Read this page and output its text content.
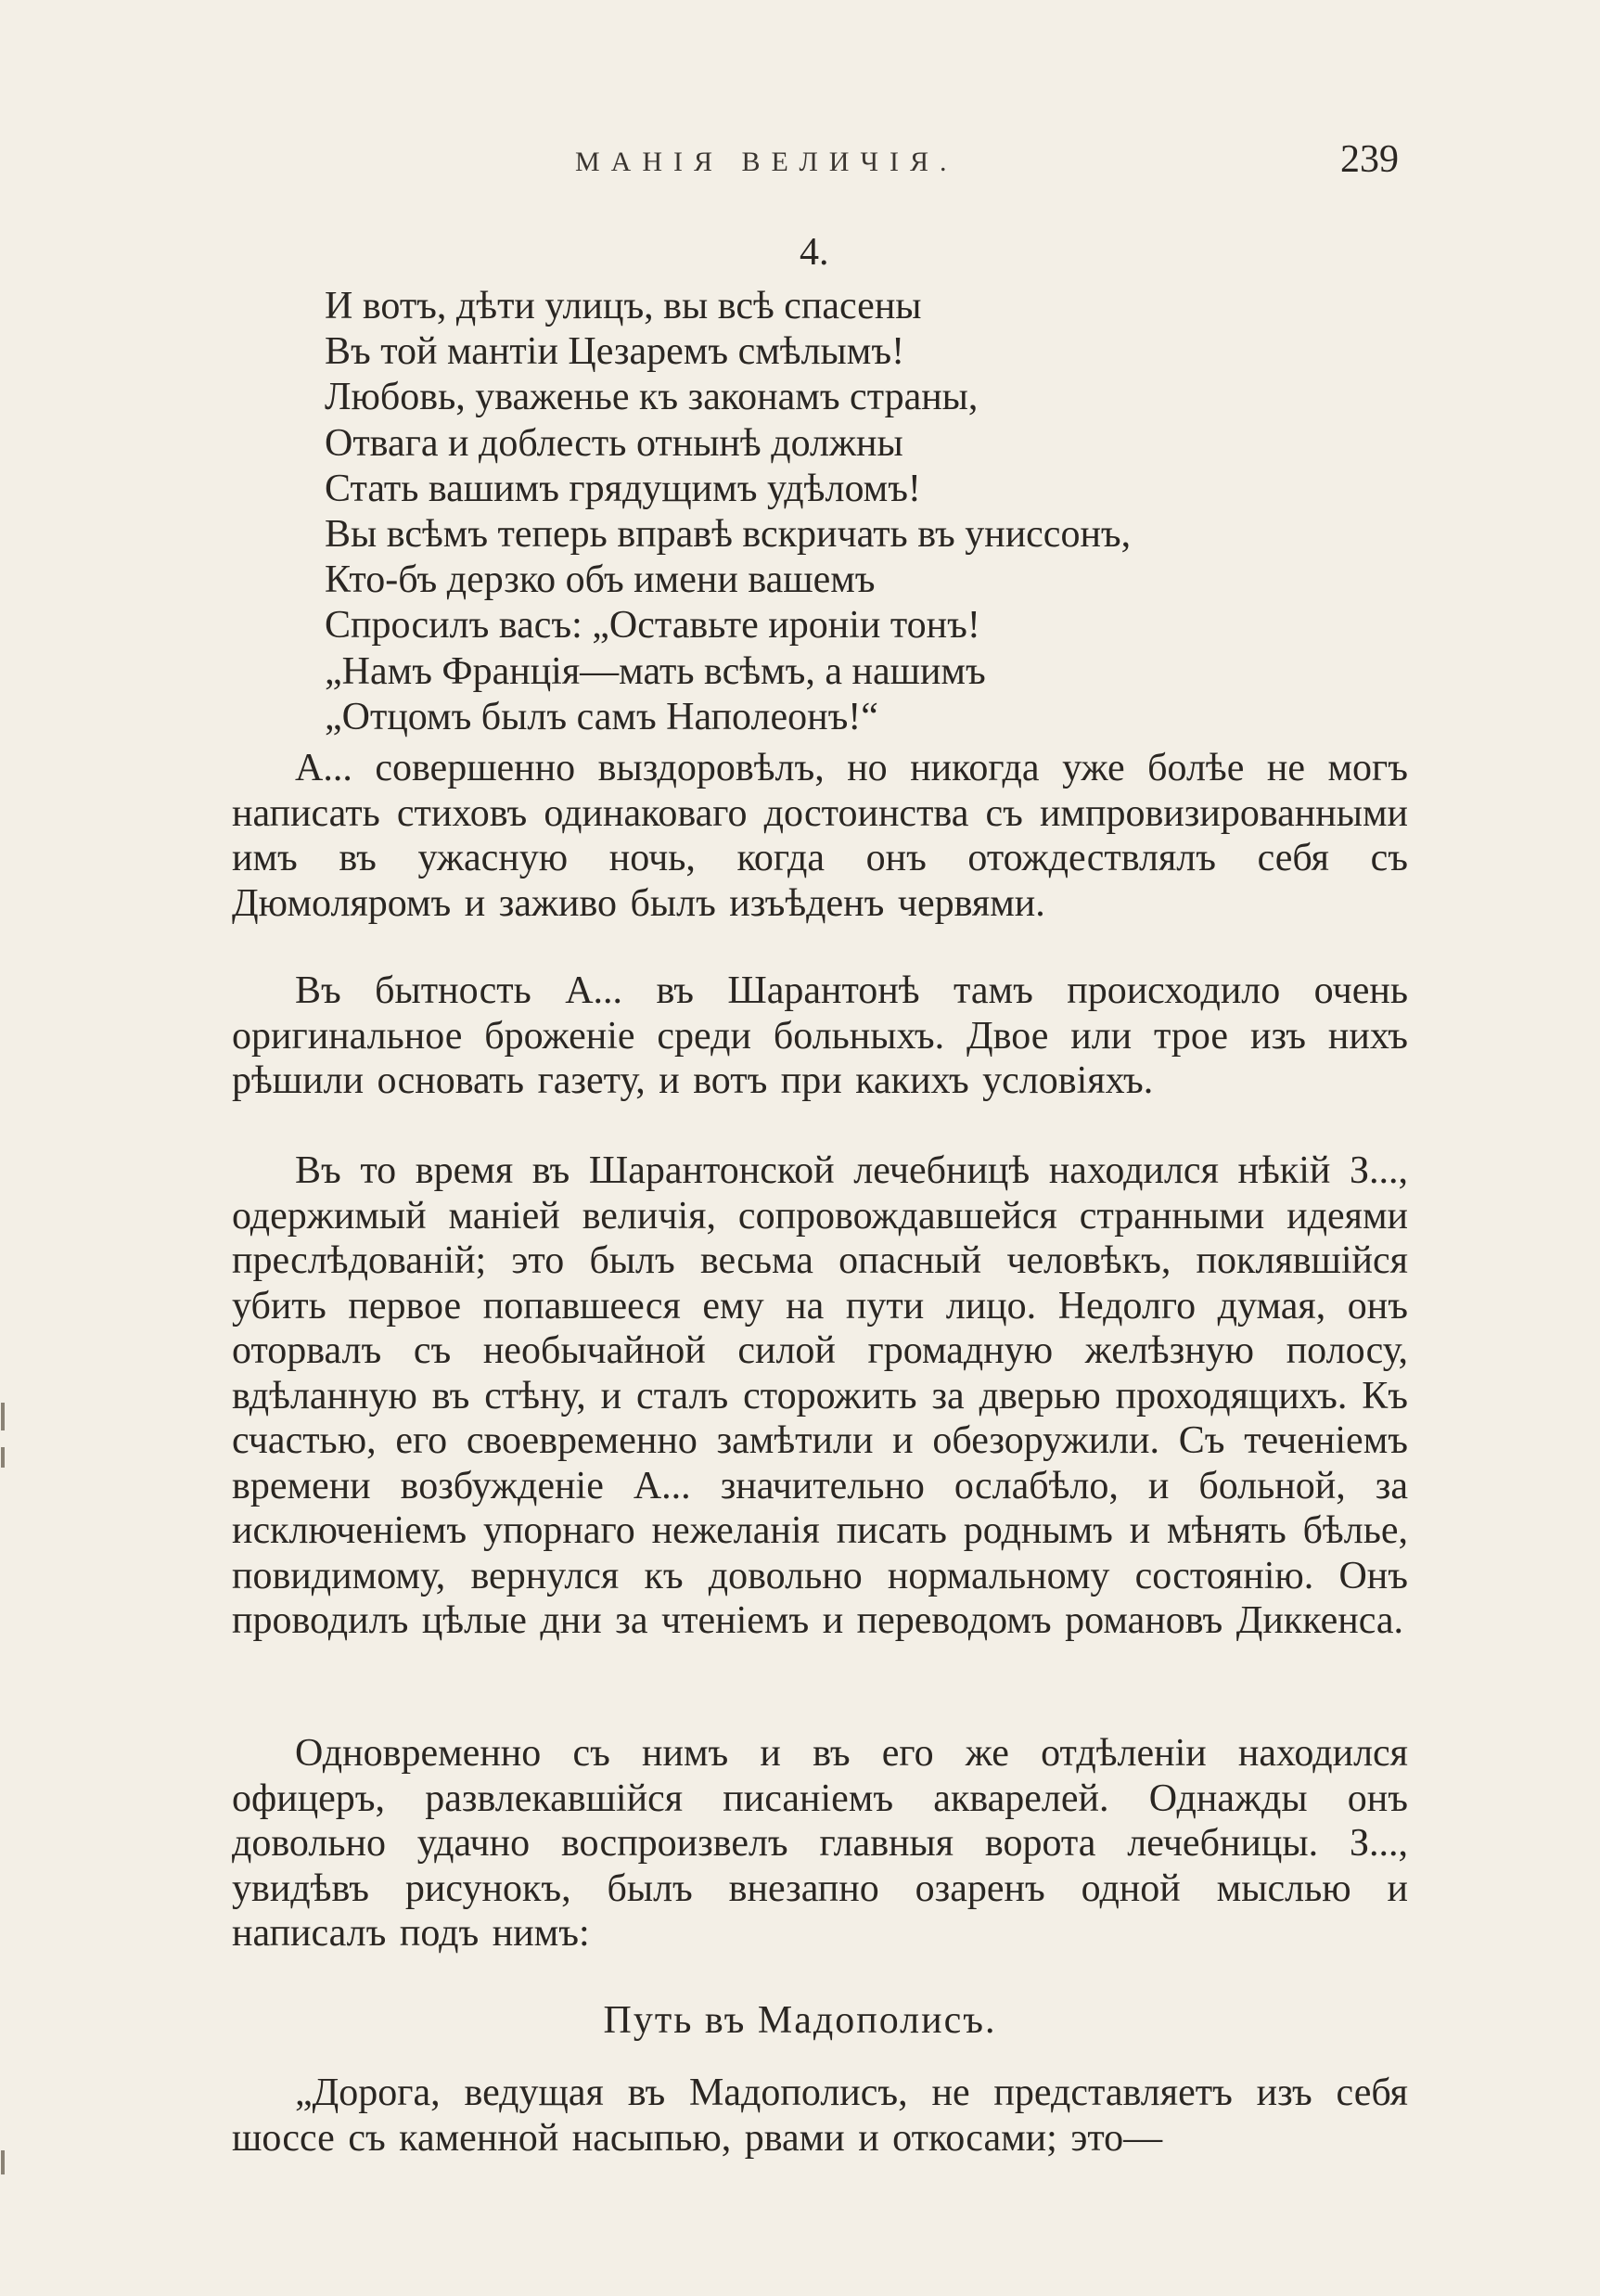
МАНІЯ ВЕЛИЧІЯ.	239
4.
И вотъ, дѣти улицъ, вы всѣ спасены
Въ той мантіи Цезаремъ смѣлымъ!
Любовь, уваженье къ законамъ страны,
Отвага и доблесть отнынѣ должны
Стать вашимъ грядущимъ удѣломъ!
Вы всѣмъ теперь вправѣ вскричать въ униссонъ,
Кто-бъ дерзко объ имени вашемъ
Спросилъ васъ: „Оставьте ироніи тонъ!
„Намъ Франція—мать всѣмъ, а нашимъ
„Отцомъ былъ самъ Наполеонъ!“

А... совершенно выздоровѣлъ, но никогда уже болѣе не могъ написать стиховъ одинаковаго достоинства съ импровизированными имъ въ ужасную ночь, когда онъ отождествлялъ себя съ Дюмоляромъ и заживо былъ изъѣденъ червями.

Въ бытность А... въ Шарантонѣ тамъ происходило очень оригинальное броженіе среди больныхъ. Двое или трое изъ нихъ рѣшили основать газету, и вотъ при какихъ условіяхъ.

Въ то время въ Шарантонской лечебницѣ находился нѣкій З..., одержимый маніей величія, сопровождавшейся странными идеями преслѣдованій; это былъ весьма опасный человѣкъ, поклявшійся убить первое попавшееся ему на пути лицо. Недолго думая, онъ оторвалъ съ необычайной силой громадную желѣзную полосу, вдѣланную въ стѣну, и сталъ сторожить за дверью проходящихъ. Къ счастью, его своевременно замѣтили и обезоружили. Съ теченіемъ времени возбужденіе А... значительно ослабѣло, и больной, за исключеніемъ упорнаго нежеланія писать роднымъ и мѣнять бѣлье, повидимому, вернулся къ довольно нормальному состоянію. Онъ проводилъ цѣлые дни за чтеніемъ и переводомъ романовъ Диккенса.

Одновременно съ нимъ и въ его же отдѣленіи находился офицеръ, развлекавшійся писаніемъ акварелей. Однажды онъ довольно удачно воспроизвелъ главныя ворота лечебницы. З..., увидѣвъ рисунокъ, былъ внезапно озаренъ одной мыслью и написалъ подъ нимъ:

Путь въ Мадополисъ.

„Дорога, ведущая въ Мадополисъ, не представляетъ изъ себя шоссе съ каменной насыпью, рвами и откосами; это—
